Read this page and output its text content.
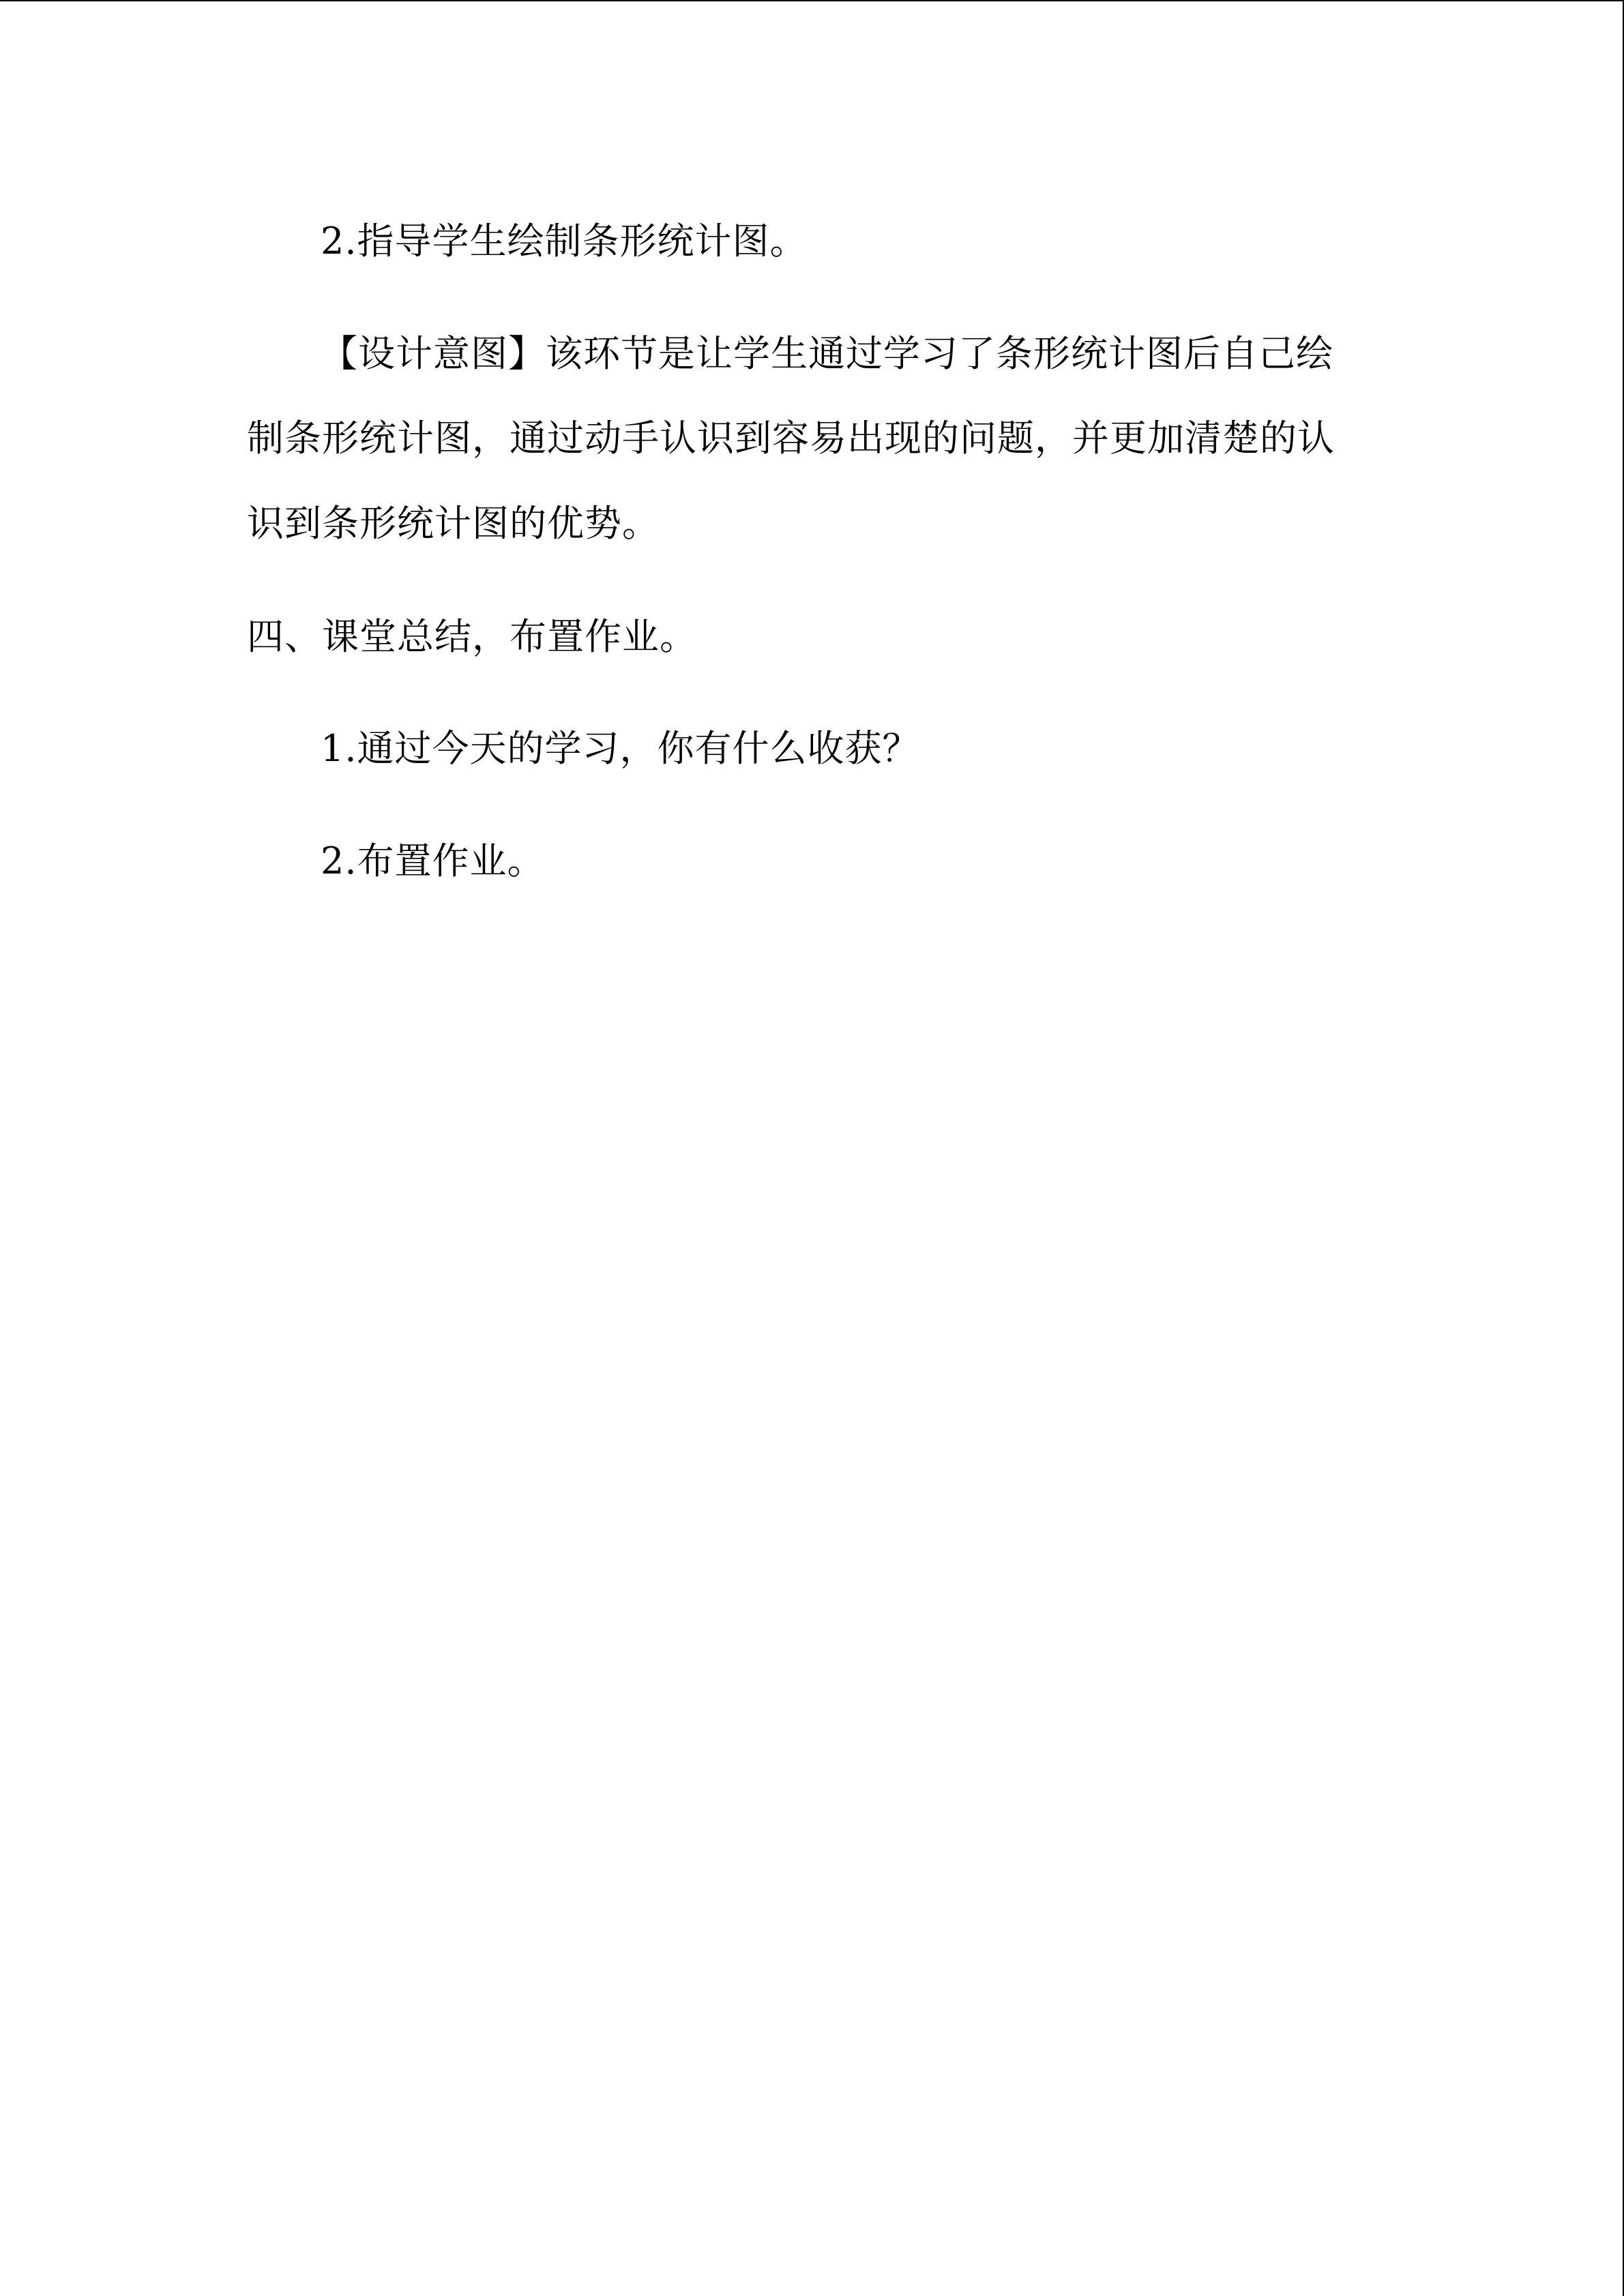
2.指导学生绘制条形统计图。
【设计意图】该环节是让学生通过学习了条形统计图后自己绘
制条形统计图，通过动手认识到容易出现的问题，并更加清楚的认
识到条形统计图的优势。
四、课堂总结，布置作业。
1.通过今天的学习，你有什么收获？
2.布置作业。
